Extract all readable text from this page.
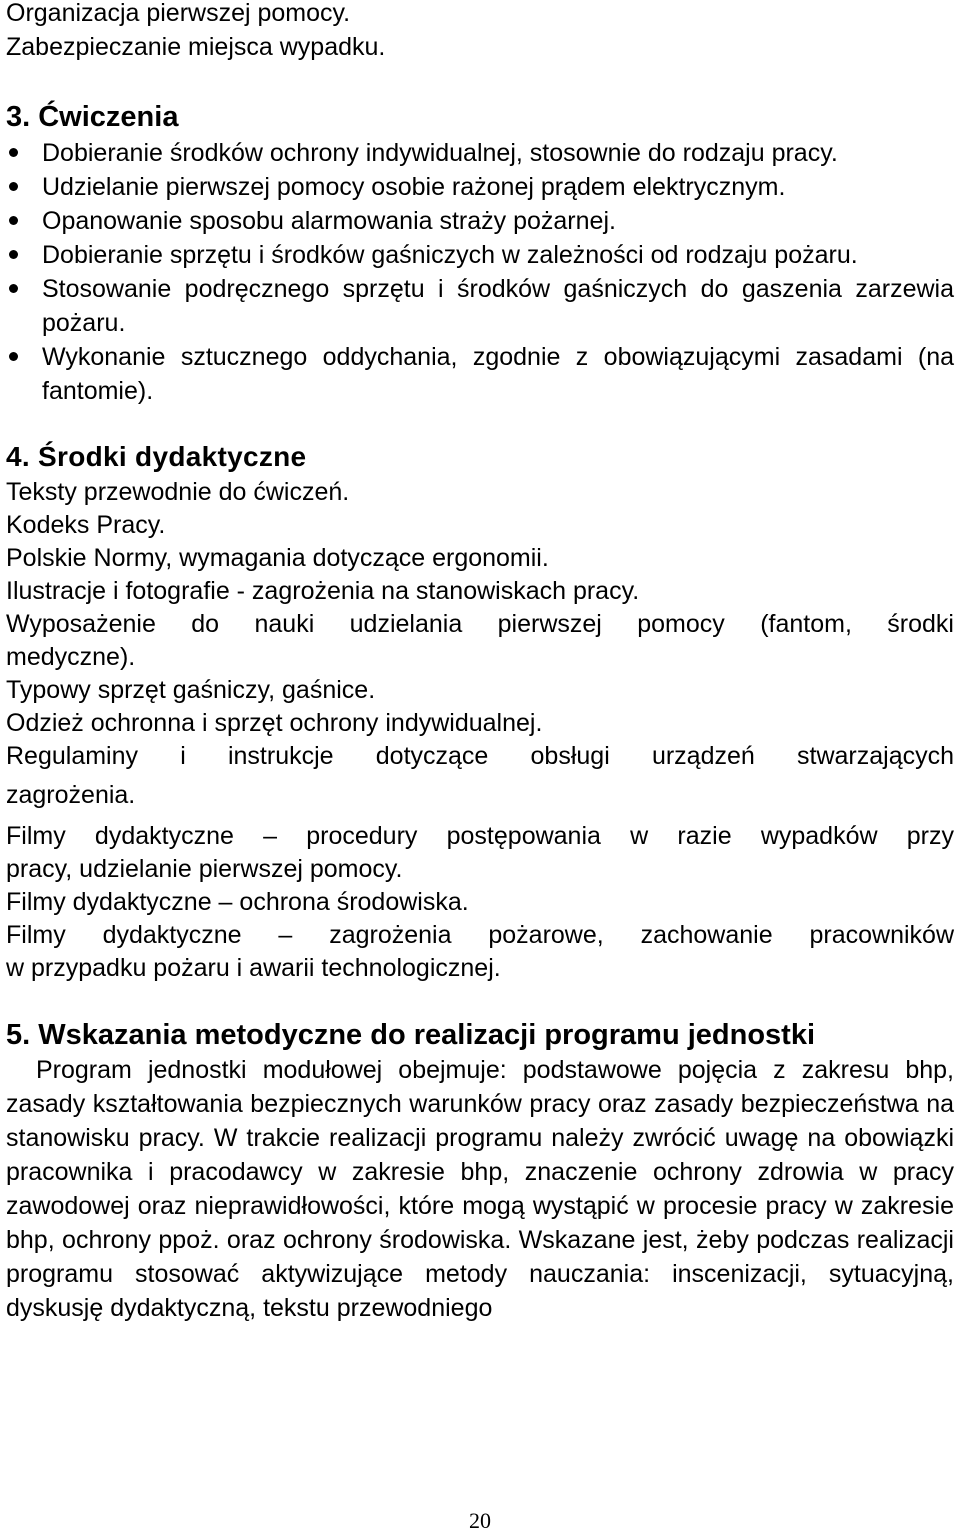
Organizacja pierwszej pomocy.
Zabezpieczanie miejsca wypadku.
3. Ćwiczenia
Dobieranie środków ochrony indywidualnej, stosownie do rodzaju pracy.
Udzielanie pierwszej pomocy osobie rażonej prądem elektrycznym.
Opanowanie sposobu alarmowania straży pożarnej.
Dobieranie sprzętu i środków gaśniczych w zależności od rodzaju pożaru.
Stosowanie podręcznego sprzętu i środków gaśniczych do gaszenia zarzewia pożaru.
Wykonanie sztucznego oddychania, zgodnie z obowiązującymi zasadami (na fantomie).
4. Środki dydaktyczne
Teksty przewodnie do ćwiczeń.
Kodeks Pracy.
Polskie Normy, wymagania dotyczące ergonomii.
Ilustracje i fotografie - zagrożenia na stanowiskach pracy.
Wyposażenie do nauki udzielania pierwszej pomocy (fantom, środki
medyczne).
Typowy sprzęt gaśniczy, gaśnice.
Odzież ochronna i sprzęt ochrony indywidualnej.
Regulaminy i instrukcje dotyczące obsługi urządzeń stwarzających
zagrożenia.
Filmy dydaktyczne – procedury postępowania w razie wypadków przy
pracy, udzielanie pierwszej pomocy.
Filmy dydaktyczne – ochrona środowiska.
Filmy dydaktyczne – zagrożenia pożarowe, zachowanie pracowników
w przypadku pożaru i awarii technologicznej.
5. Wskazania metodyczne do realizacji programu jednostki

Program jednostki modułowej obejmuje: podstawowe pojęcia z zakresu bhp, zasady kształtowania bezpiecznych warunków pracy oraz zasady bezpieczeństwa na stanowisku pracy. W trakcie realizacji programu należy zwrócić uwagę na obowiązki pracownika i pracodawcy w zakresie bhp, znaczenie ochrony zdrowia w pracy zawodowej oraz nieprawidłowości, które mogą wystąpić w procesie pracy w zakresie bhp, ochrony ppoż. oraz ochrony środowiska. Wskazane jest, żeby podczas realizacji programu stosować aktywizujące metody nauczania: inscenizacji, sytuacyjną, dyskusję dydaktyczną, tekstu przewodniego

20
